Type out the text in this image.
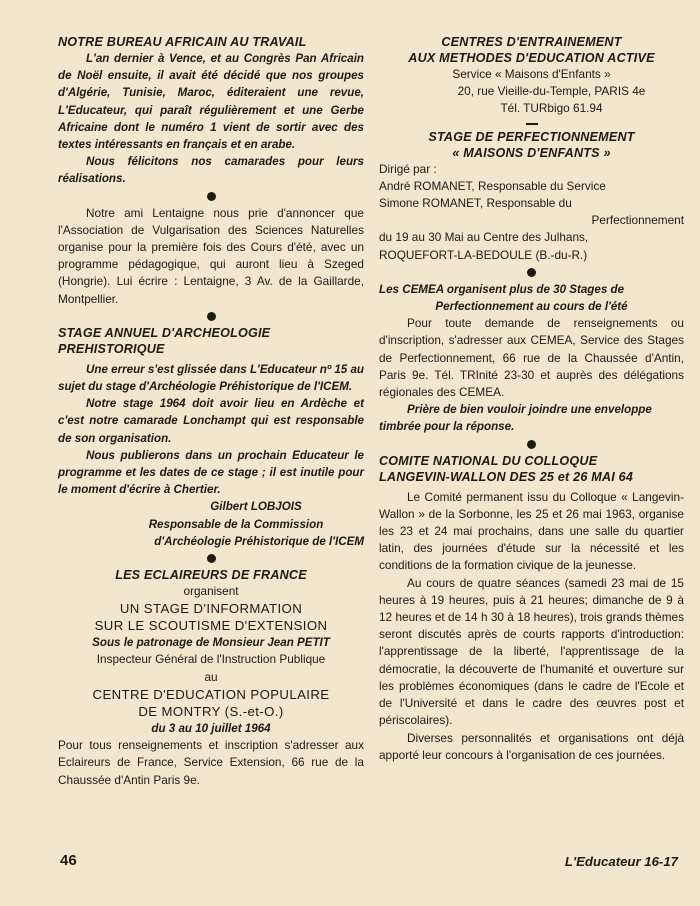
NOTRE BUREAU AFRICAIN AU TRAVAIL

L'an dernier à Vence, et au Congrès Pan Africain de Noël ensuite, il avait été décidé que nos groupes d'Algérie, Tunisie, Maroc, éditeraient une revue, L'Educateur, qui paraît régulièrement et une Gerbe Africaine dont le numéro 1 vient de sortir avec des textes intéressants en français et en arabe.

Nous félicitons nos camarades pour leurs réalisations.

Notre ami Lentaigne nous prie d'annoncer que l'Association de Vulgarisation des Sciences Naturelles organise pour la première fois des Cours d'été, avec un programme pédagogique, qui auront lieu à Szeged (Hongrie). Lui écrire : Lentaigne, 3 Av. de la Gaillarde, Montpellier.

STAGE ANNUEL D'ARCHEOLOGIE PREHISTORIQUE

Une erreur s'est glissée dans L'Educateur nº 15 au sujet du stage d'Archéologie Préhistorique de l'ICEM.

Notre stage 1964 doit avoir lieu en Ardèche et c'est notre camarade Lonchampt qui est responsable de son organisation.

Nous publierons dans un prochain Educateur le programme et les dates de ce stage ; il est inutile pour le moment d'écrire à Chertier.

Gilbert LOBJOIS

Responsable de la Commission

d'Archéologie Préhistorique de l'ICEM

LES ECLAIREURS DE FRANCE

organisent

UN STAGE D'INFORMATION

SUR LE SCOUTISME D'EXTENSION

Sous le patronage de Monsieur Jean PETIT

Inspecteur Général de l'Instruction Publique

au

CENTRE D'EDUCATION POPULAIRE

DE MONTRY (S.-et-O.)

du 3 au 10 juillet 1964

Pour tous renseignements et inscription s'adresser aux Eclaireurs de France, Service Extension, 66 rue de la Chaussée d'Antin Paris 9e.

CENTRES D'ENTRAINEMENT
AUX METHODES D'EDUCATION ACTIVE

Service « Maisons d'Enfants »

20, rue Vieille-du-Temple, PARIS 4e

Tél. TURbigo 61.94

STAGE DE PERFECTIONNEMENT
« MAISONS D'ENFANTS »

Dirigé par :

André ROMANET, Responsable du Service

Simone ROMANET, Responsable du

Perfectionnement

du 19 au 30 Mai au Centre des Julhans,

ROQUEFORT-LA-BEDOULE (B.-du-R.)

Les CEMEA organisent plus de 30 Stages de
Perfectionnement au cours de l'été

Pour toute demande de renseignements ou d'inscription, s'adresser aux CEMEA, Service des Stages de Perfectionnement, 66 rue de la Chaussée d'Antin, Paris 9e. Tél. TRInité 23-30 et auprès des délégations régionales des CEMEA.

Prière de bien vouloir joindre une enveloppe

timbrée pour la réponse.

COMITE NATIONAL DU COLLOQUE
LANGEVIN-WALLON DES 25 et 26 MAI 64

Le Comité permanent issu du Colloque « Langevin-Wallon » de la Sorbonne, les 25 et 26 mai 1963, organise les 23 et 24 mai prochains, dans une salle du quartier latin, des journées d'étude sur la nécessité et les conditions de la formation civique de la jeunesse.

Au cours de quatre séances (samedi 23 mai de 15 heures à 19 heures, puis à 21 heures; dimanche de 9 à 12 heures et de 14 h 30 à 18 heures), trois grands thèmes seront discutés après de courts rapports d'introduction: l'apprentissage de la liberté, l'apprentissage de la démocratie, la découverte de l'humanité et ouverture sur les problèmes économiques (dans le cadre de l'Ecole et de l'Université et dans le cadre des œuvres post et périscolaires).

Diverses personnalités et organisations ont déjà apporté leur concours à l'organisation de ces journées.

46	L'Educateur 16-17
